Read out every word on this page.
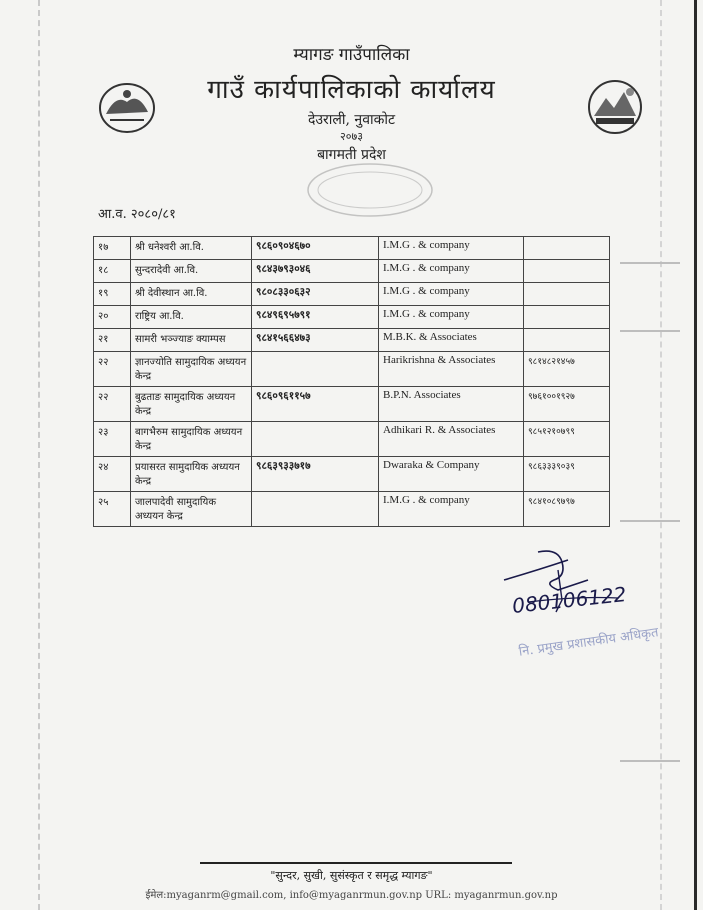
म्यागङ गाउँपालिका
गाउँ कार्यपालिकाको कार्यालय
देउराली, नुवाकोट
२०७३
बागमती प्रदेश
आ.व. २०८०/८१
१७	श्री धनेश्वरी आ.वि.	९८६०९०४६७०	I.M.G . & company	
१८	सुन्दरादेवी आ.वि.	९८४३७९३०४६	I.M.G . & company	
१९	श्री देवीस्थान आ.वि.	९८०८३३०६३२	I.M.G . & company	
२०	राष्ट्रिय आ.वि.	९८४९६९५७९१	I.M.G . & company	
२१	सामरी भञ्ज्याङ क्याम्पस	९८४१५६६४७३	M.B.K. & Associates	
२२	ज्ञानज्योति सामुदायिक अध्ययन केन्द्र		Harikrishna & Associates	९८१४८२१४५७
२२	बुढताङ सामुदायिक अध्ययन केन्द्र	९८६०९६११५७	B.P.N. Associates	९७६१००१९२७
२३	बागभैरुम सामुदायिक अध्ययन केन्द्र		Adhikari R. & Associates	९८५१२१०७९९
२४	प्रयासरत सामुदायिक अध्ययन केन्द्र	९८६३९३३७१७	Dwaraka & Company	९८६३३३९०३९
२५	जालपादेवी सामुदायिक अध्ययन केन्द्र		I.M.G . & company	९८४१०८९७९७
080106122
नि. प्रमुख प्रशासकीय अधिकृत
"सुन्दर, सुखी, सुसंस्कृत र समृद्ध म्यागङ"
ईमेल:myaganrm@gmail.com, info@myaganrmun.gov.np URL: myaganrmun.gov.np
